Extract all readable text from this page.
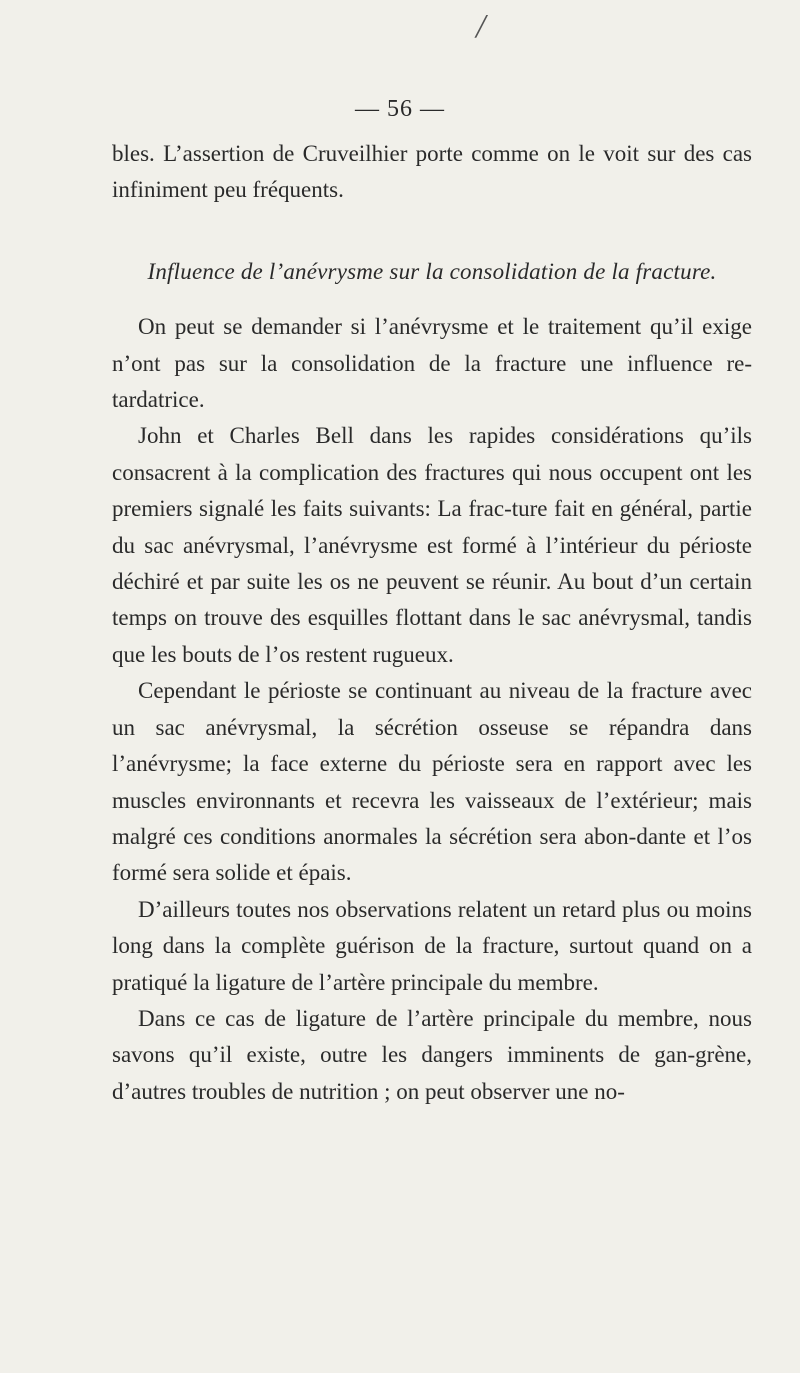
/
— 56 —

bles. L’assertion de Cruveilhier porte comme on le voit sur des cas infiniment peu fréquents.

Influence de l’anévrysme sur la consolidation de la fracture.

On peut se demander si l’anévrysme et le traitement qu’il exige n’ont pas sur la consolidation de la fracture une influence re-tardatrice.

John et Charles Bell dans les rapides considérations qu’ils consacrent à la complication des fractures qui nous occupent ont les premiers signalé les faits suivants: La frac-ture fait en général, partie du sac anévrysmal, l’anévrysme est formé à l’intérieur du périoste déchiré et par suite les os ne peuvent se réunir. Au bout d’un certain temps on trouve des esquilles flottant dans le sac anévrysmal, tandis que les bouts de l’os restent rugueux.

Cependant le périoste se continuant au niveau de la fracture avec un sac anévrysmal, la sécrétion osseuse se répandra dans l’anévrysme; la face externe du périoste sera en rapport avec les muscles environnants et recevra les vaisseaux de l’extérieur; mais malgré ces conditions anormales la sécrétion sera abon-dante et l’os formé sera solide et épais.

D’ailleurs toutes nos observations relatent un retard plus ou moins long dans la complète guérison de la fracture, surtout quand on a pratiqué la ligature de l’artère principale du membre.

Dans ce cas de ligature de l’artère principale du membre, nous savons qu’il existe, outre les dangers imminents de gan-grène, d’autres troubles de nutrition ; on peut observer une no-
